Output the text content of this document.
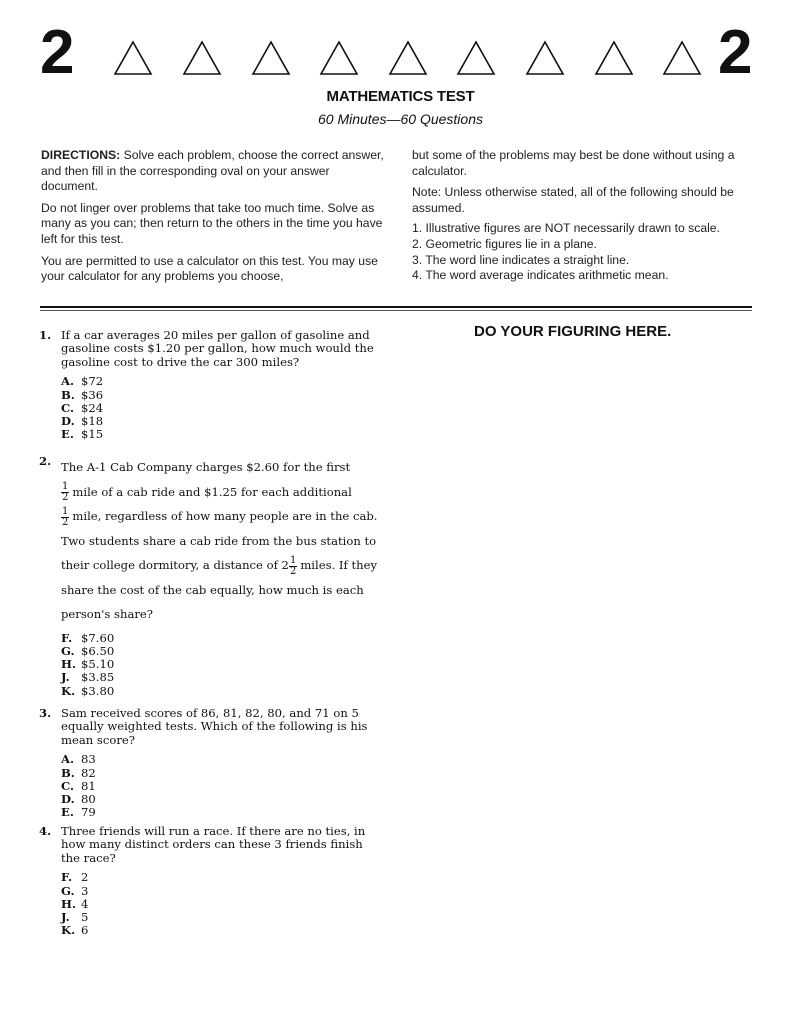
2	2
MATHEMATICS TEST
60 Minutes—60 Questions

DIRECTIONS: Solve each problem, choose the correct answer, and then fill in the corresponding oval on your answer document.

Do not linger over problems that take too much time. Solve as many as you can; then return to the others in the time you have left for this test.

You are permitted to use a calculator on this test. You may use your calculator for any problems you choose,

but some of the problems may best be done without using a calculator.

Note: Unless otherwise stated, all of the following should be assumed.

1. Illustrative figures are NOT necessarily drawn to scale.
2. Geometric figures lie in a plane.
3. The word line indicates a straight line.
4. The word average indicates arithmetic mean.
DO YOUR FIGURING HERE.
1. If a car averages 20 miles per gallon of gasoline and gasoline costs $1.20 per gallon, how much would the gasoline cost to drive the car 300 miles?
A. $72
B. $36
C. $24
D. $18
E. $15
2. The A-1 Cab Company charges $2.60 for the first

$\frac{1}{2}$ mile of a cab ride and $1.25 for each additional

$\frac{1}{2}$ mile, regardless of how many people are in the cab.
Two students share a cab ride from the bus station to their college dormitory, a distance of $2 \frac{1}{2}$ miles. If they share the cost of the cab equally, how much is each person's share?
F. $7.60
G. $6.50
H. $5.10
J. $3.85
K. $3.80
3. Sam received scores of 86, 81, 82, 80, and 71 on 5 equally weighted tests. Which of the following is his mean score?
A. 83
B. 82
C. 81
D. 80
E. 79
4. Three friends will run a race. If there are no ties, in how many distinct orders can these 3 friends finish the race?
F. 2
G. 3
H. 4
J. 5
K. 6
